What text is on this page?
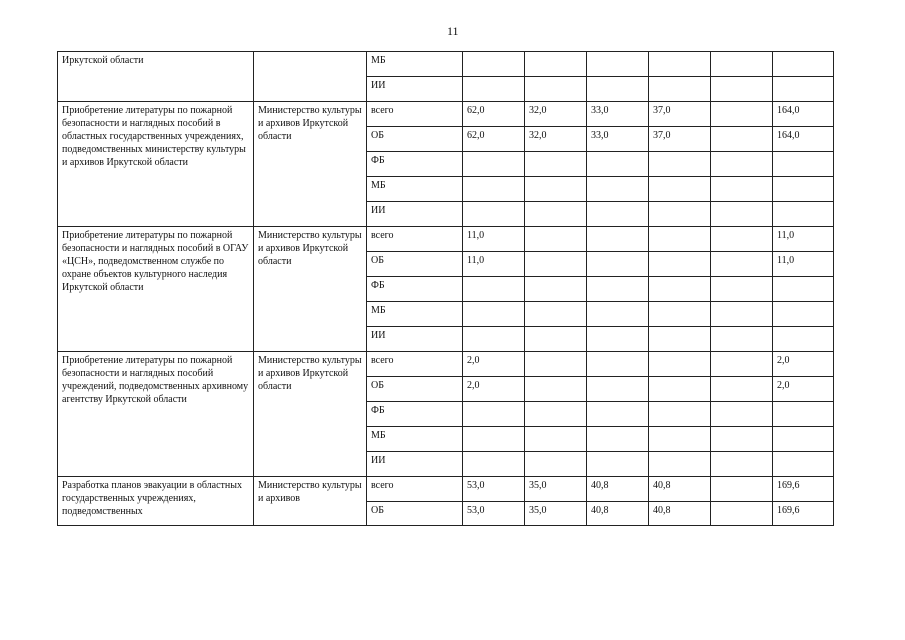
11
Иркутской области		МБ						
		ИИ						
Приобретение литературы по пожарной безопасности и наглядных пособий в областных государственных учреждениях, подведомственных министерству культуры и архивов Иркутской области	Министерство культуры и архивов Иркутской области	всего	62,0	32,0	33,0	37,0		164,0
		ОБ	62,0	32,0	33,0	37,0		164,0
		ФБ						
		МБ						
		ИИ						
Приобретение литературы по пожарной безопасности и наглядных пособий в ОГАУ «ЦСН», подведомственном службе по охране объектов культурного наследия Иркутской области	Министерство культуры и архивов Иркутской области	всего	11,0					11,0
		ОБ	11,0					11,0
		ФБ						
		МБ						
		ИИ						
Приобретение литературы по пожарной безопасности и наглядных пособий учреждений, подведомственных архивному агентству Иркутской области	Министерство культуры и архивов Иркутской области	всего	2,0					2,0
		ОБ	2,0					2,0
		ФБ						
		МБ						
		ИИ						
Разработка планов эвакуации в областных государственных учреждениях, подведомственных	Министерство культуры и архивов	всего	53,0	35,0	40,8	40,8		169,6
		ОБ	53,0	35,0	40,8	40,8		169,6
